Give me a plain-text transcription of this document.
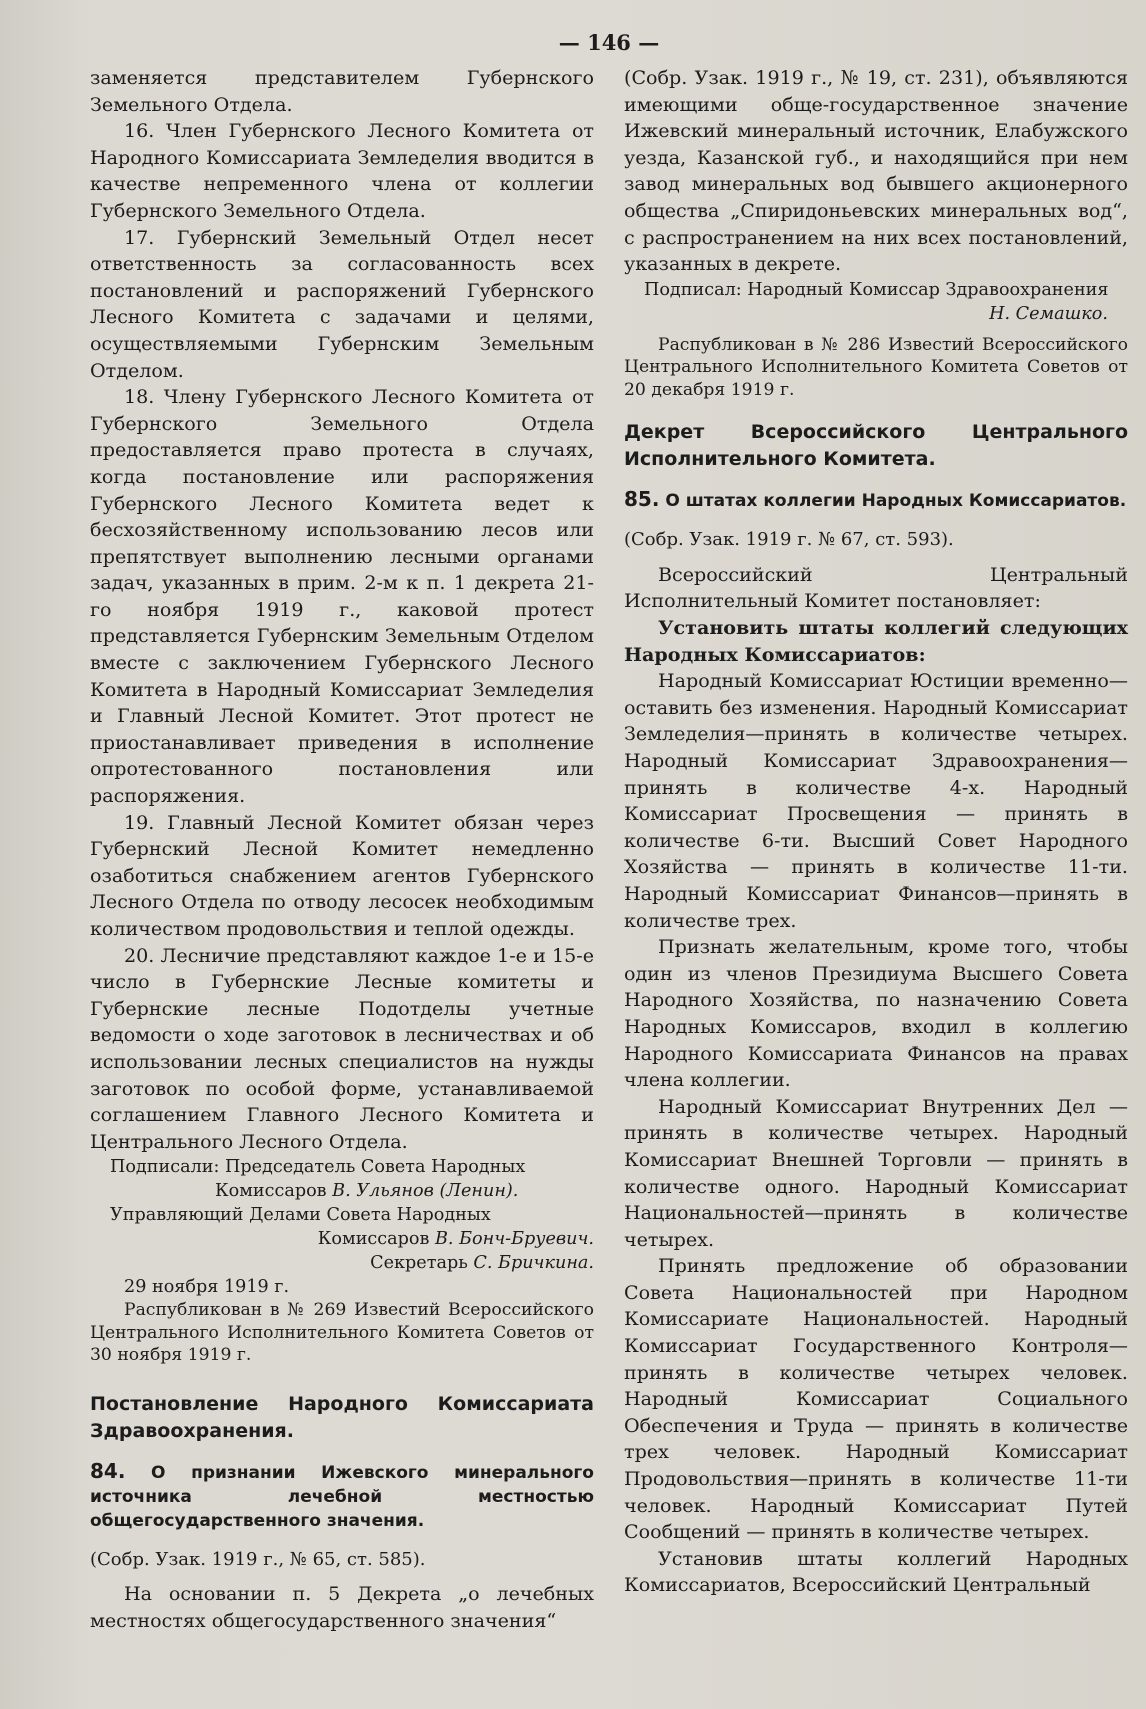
— 146 —

заменяется представителем Губернского Земельного Отдела.

16. Член Губернского Лесного Комитета от Народного Комиссариата Земледелия вводится в качестве непременного члена от коллегии Губернского Земельного Отдела.

17. Губернский Земельный Отдел несет ответственность за согласованность всех постановлений и распоряжений Губернского Лесного Комитета с задачами и целями, осуществляемыми Губернским Земельным Отделом.

18. Члену Губернского Лесного Комитета от Губернского Земельного Отдела предоставляется право протеста в случаях, когда постановление или распоряжения Губернского Лесного Комитета ведет к бесхозяйственному использованию лесов или препятствует выполнению лесными органами задач, указанных в прим. 2-м к п. 1 декрета 21-го ноября 1919 г., каковой протест представляется Губернским Земельным Отделом вместе с заключением Губернского Лесного Комитета в Народный Комиссариат Земледелия и Главный Лесной Комитет. Этот протест не приостанавливает приведения в исполнение опротестованного постановления или распоряжения.

19. Главный Лесной Комитет обязан через Губернский Лесной Комитет немедленно озаботиться снабжением агентов Губернского Лесного Отдела по отводу лесосек необходимым количеством продовольствия и теплой одежды.

20. Лесничие представляют каждое 1-е и 15-е число в Губернские Лесные комитеты и Губернские лесные Подотделы учетные ведомости о ходе заготовок в лесничествах и об использовании лесных специалистов на нужды заготовок по особой форме, устанавливаемой соглашением Главного Лесного Комитета и Центрального Лесного Отдела.

Подписали: Председатель Совета Народных
Комиссаров В. Ульянов (Ленин).
Управляющий Делами Совета Народных
Комиссаров В. Бонч-Бруевич.
Секретарь С. Бричкина.

29 ноября 1919 г.

Распубликован в № 269 Известий Всероссийского Центрального Исполнительного Комитета Советов от 30 ноября 1919 г.

Постановление Народного Комиссариата Здравоохранения.

84. О признании Ижевского минерального источника лечебной местностью общегосударственного значения.

(Собр. Узак. 1919 г., № 65, ст. 585).

На основании п. 5 Декрета „о лечебных местностях общегосударственного значения“

(Собр. Узак. 1919 г., № 19, ст. 231), объявляются имеющими обще-государственное значение Ижевский минеральный источник, Елабужского уезда, Казанской губ., и находящийся при нем завод минеральных вод бывшего акционерного общества „Спиридоньевских минеральных вод“, с распространением на них всех постановлений, указанных в декрете.

Подписал: Народный Комиссар Здравоохранения
Н. Семашко.

Распубликован в № 286 Известий Всероссийского Центрального Исполнительного Комитета Советов от 20 декабря 1919 г.

Декрет Всероссийского Центрального Исполнительного Комитета.

85. О штатах коллегии Народных Комиссариатов.

(Собр. Узак. 1919 г. № 67, ст. 593).

Всероссийский Центральный Исполнительный Комитет постановляет:

Установить штаты коллегий следующих Народных Комиссариатов:

Народный Комиссариат Юстиции временно—оставить без изменения. Народный Комиссариат Земледелия—принять в количестве четырех. Народный Комиссариат Здравоохранения—принять в количестве 4-х. Народный Комиссариат Просвещения — принять в количестве 6-ти. Высший Совет Народного Хозяйства — принять в количестве 11-ти. Народный Комиссариат Финансов—принять в количестве трех.

Признать желательным, кроме того, чтобы один из членов Президиума Высшего Совета Народного Хозяйства, по назначению Совета Народных Комиссаров, входил в коллегию Народного Комиссариата Финансов на правах члена коллегии.

Народный Комиссариат Внутренних Дел — принять в количестве четырех. Народный Комиссариат Внешней Торговли — принять в количестве одного. Народный Комиссариат Национальностей—принять в количестве четырех.

Принять предложение об образовании Совета Национальностей при Народном Комиссариате Национальностей. Народный Комиссариат Государственного Контроля—принять в количестве четырех человек. Народный Комиссариат Социального Обеспечения и Труда — принять в количестве трех человек. Народный Комиссариат Продовольствия—принять в количестве 11-ти человек. Народный Комиссариат Путей Сообщений — принять в количестве четырех.

Установив штаты коллегий Народных Комиссариатов, Всероссийский Центральный
